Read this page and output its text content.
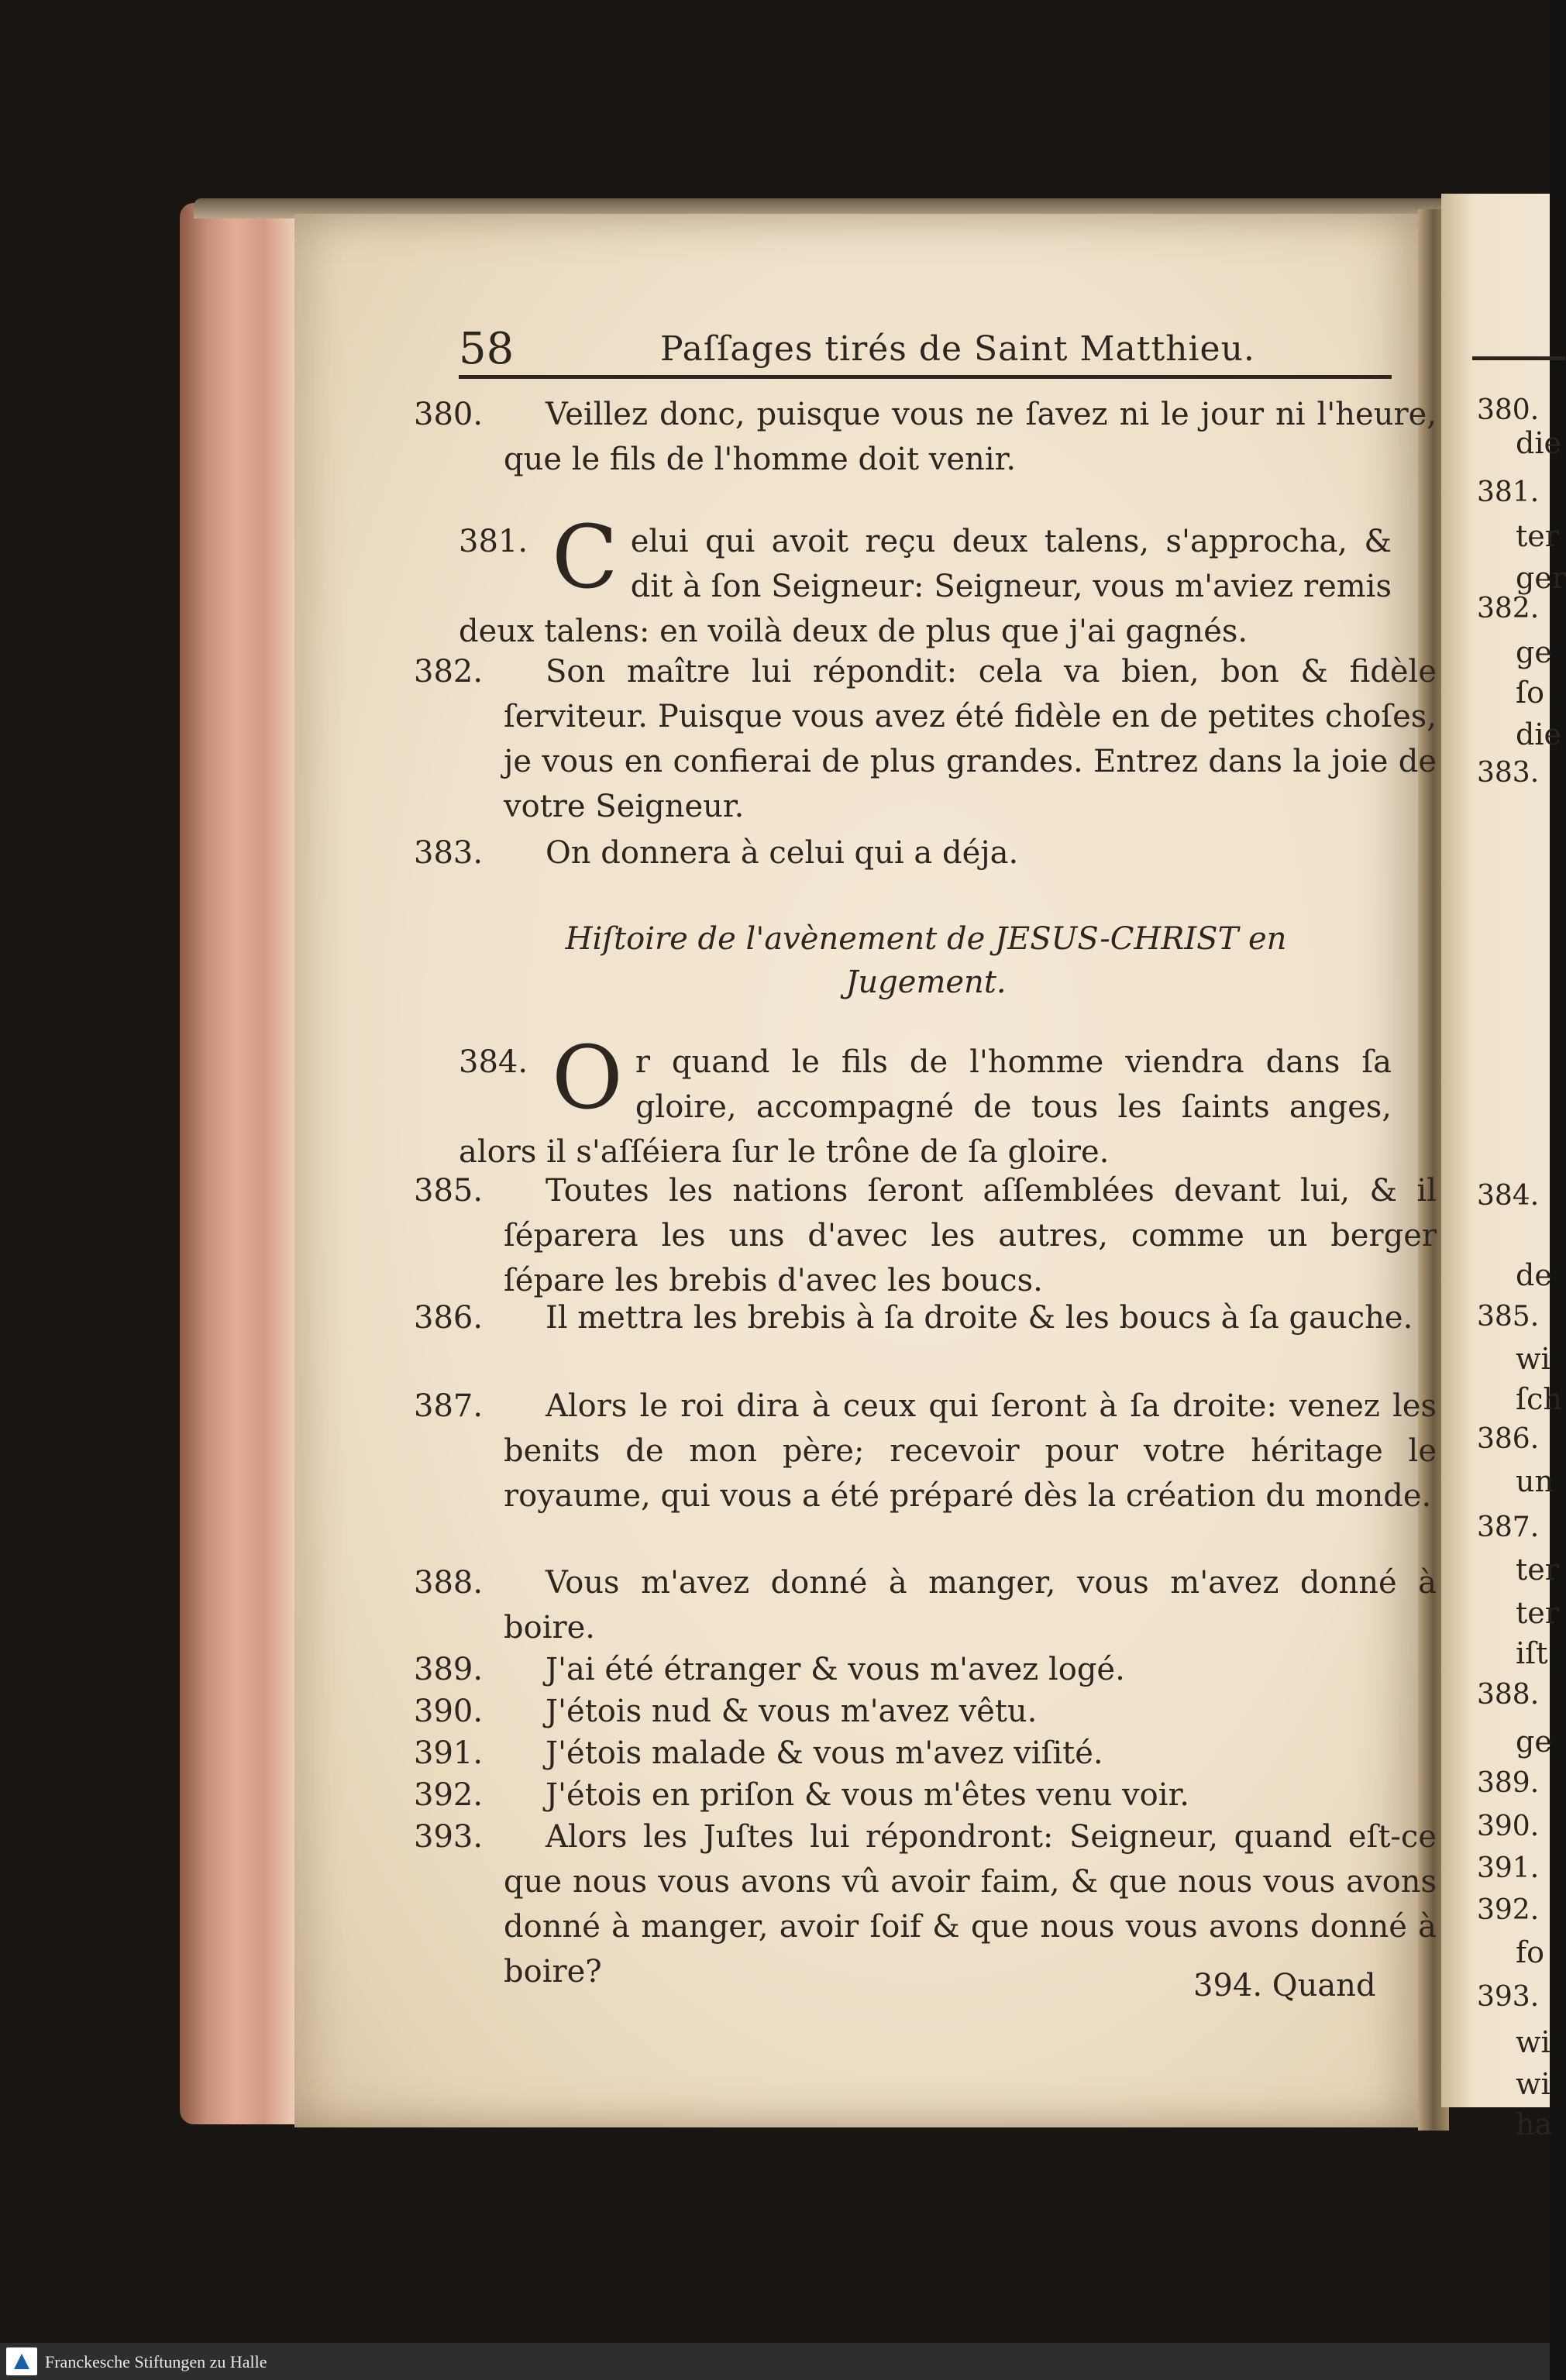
380.
die
381.
ter
ger
382.
ge
ſo
die
383.
384.
de
385.
wi
ſch
386.
un
387.
ter
ter
iſt
388.
ge
389.
390.
391.
392.
fo
393.
wi
wi
ha
58	Paſſages tirés de Saint Matthieu.
380. Veillez donc, puisque vous ne ſavez ni le jour ni l'heure, que le fils de l'homme doit venir.
381. C elui qui avoit reçu deux talens, s'approcha, & dit à ſon Seigneur: Seigneur, vous m'aviez remis deux talens: en voilà deux de plus que j'ai gagnés.
382. Son maître lui répondit: cela va bien, bon & fidèle ſerviteur. Puisque vous avez été fidèle en de petites choſes, je vous en confierai de plus grandes. Entrez dans la joie de votre Seigneur.
383. On donnera à celui qui a déja.
Hiſtoire de l'avènement de JESUS-CHRIST en Jugement.
384. O r quand le fils de l'homme viendra dans ſa gloire, accompagné de tous les ſaints anges, alors il s'aſſéiera ſur le trône de ſa gloire.
385. Toutes les nations ſeront aſſemblées devant lui, & il ſéparera les uns d'avec les autres, comme un berger ſépare les brebis d'avec les boucs.
386. Il mettra les brebis à ſa droite & les boucs à ſa gauche.
387. Alors le roi dira à ceux qui ſeront à ſa droite: venez les benits de mon père; recevoir pour votre héritage le royaume, qui vous a été préparé dès la création du monde.
388. Vous m'avez donné à manger, vous m'avez donné à boire.
389. J'ai été étranger & vous m'avez logé.
390. J'étois nud & vous m'avez vêtu.
391. J'étois malade & vous m'avez viſité.
392. J'étois en priſon & vous m'êtes venu voir.
393. Alors les Juſtes lui répondront: Seigneur, quand eſt-ce que nous vous avons vû avoir faim, & que nous vous avons donné à manger, avoir ſoif & que nous vous avons donné à boire?	394. Quand
Franckesche Stiftungen zu Halle
